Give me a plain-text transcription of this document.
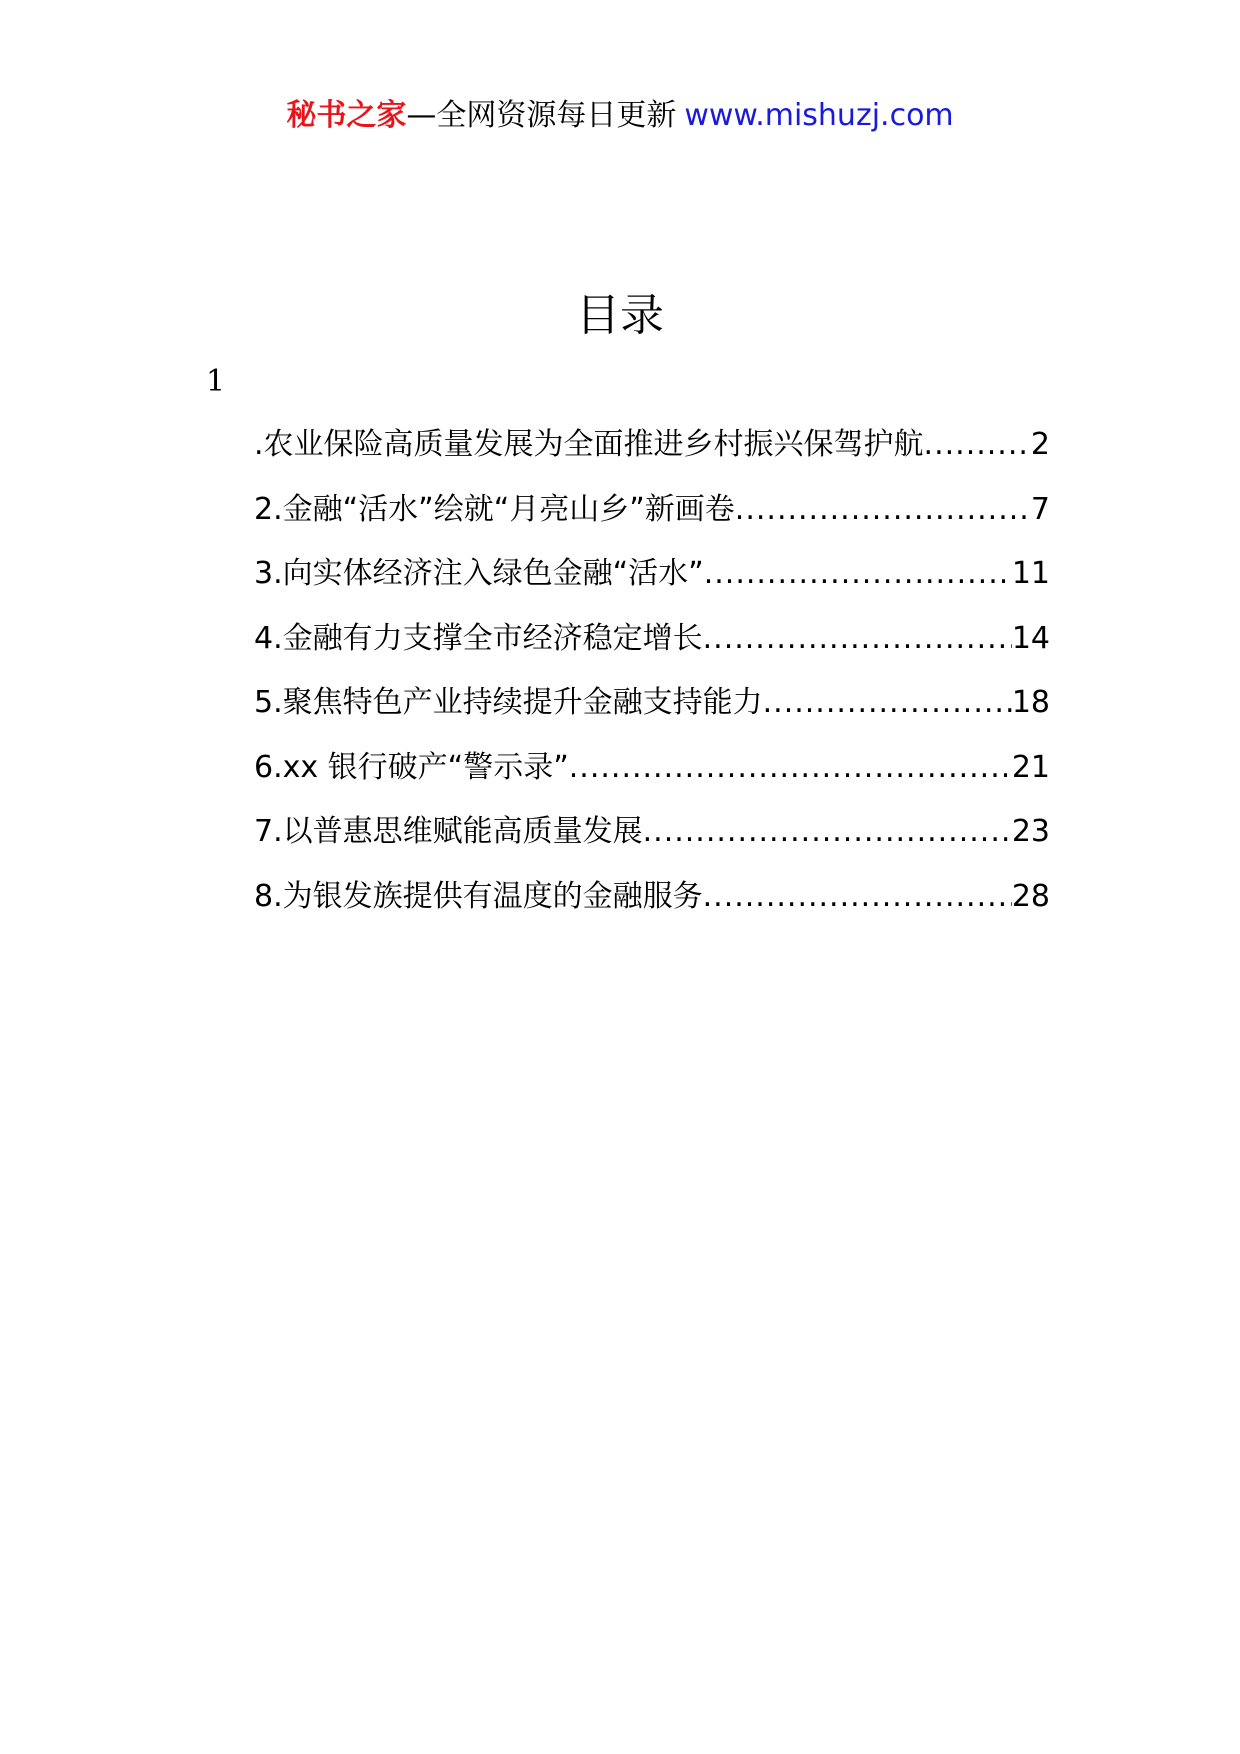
秘书之家—全网资源每日更新 www.mishuzj.com
目录
1
.农业保险高质量发展为全面推进乡村振兴保驾护航 .....	2
2.金融“活水”绘就“月亮山乡”新画卷 .....	7
3.向实体经济注入绿色金融“活水” .....	11
4.金融有力支撑全市经济稳定增长 .....	14
5.聚焦特色产业持续提升金融支持能力 .....	18
6.xx 银行破产“警示录” .....	21
7.以普惠思维赋能高质量发展 .....	23
8.为银发族提供有温度的金融服务 .....	28
